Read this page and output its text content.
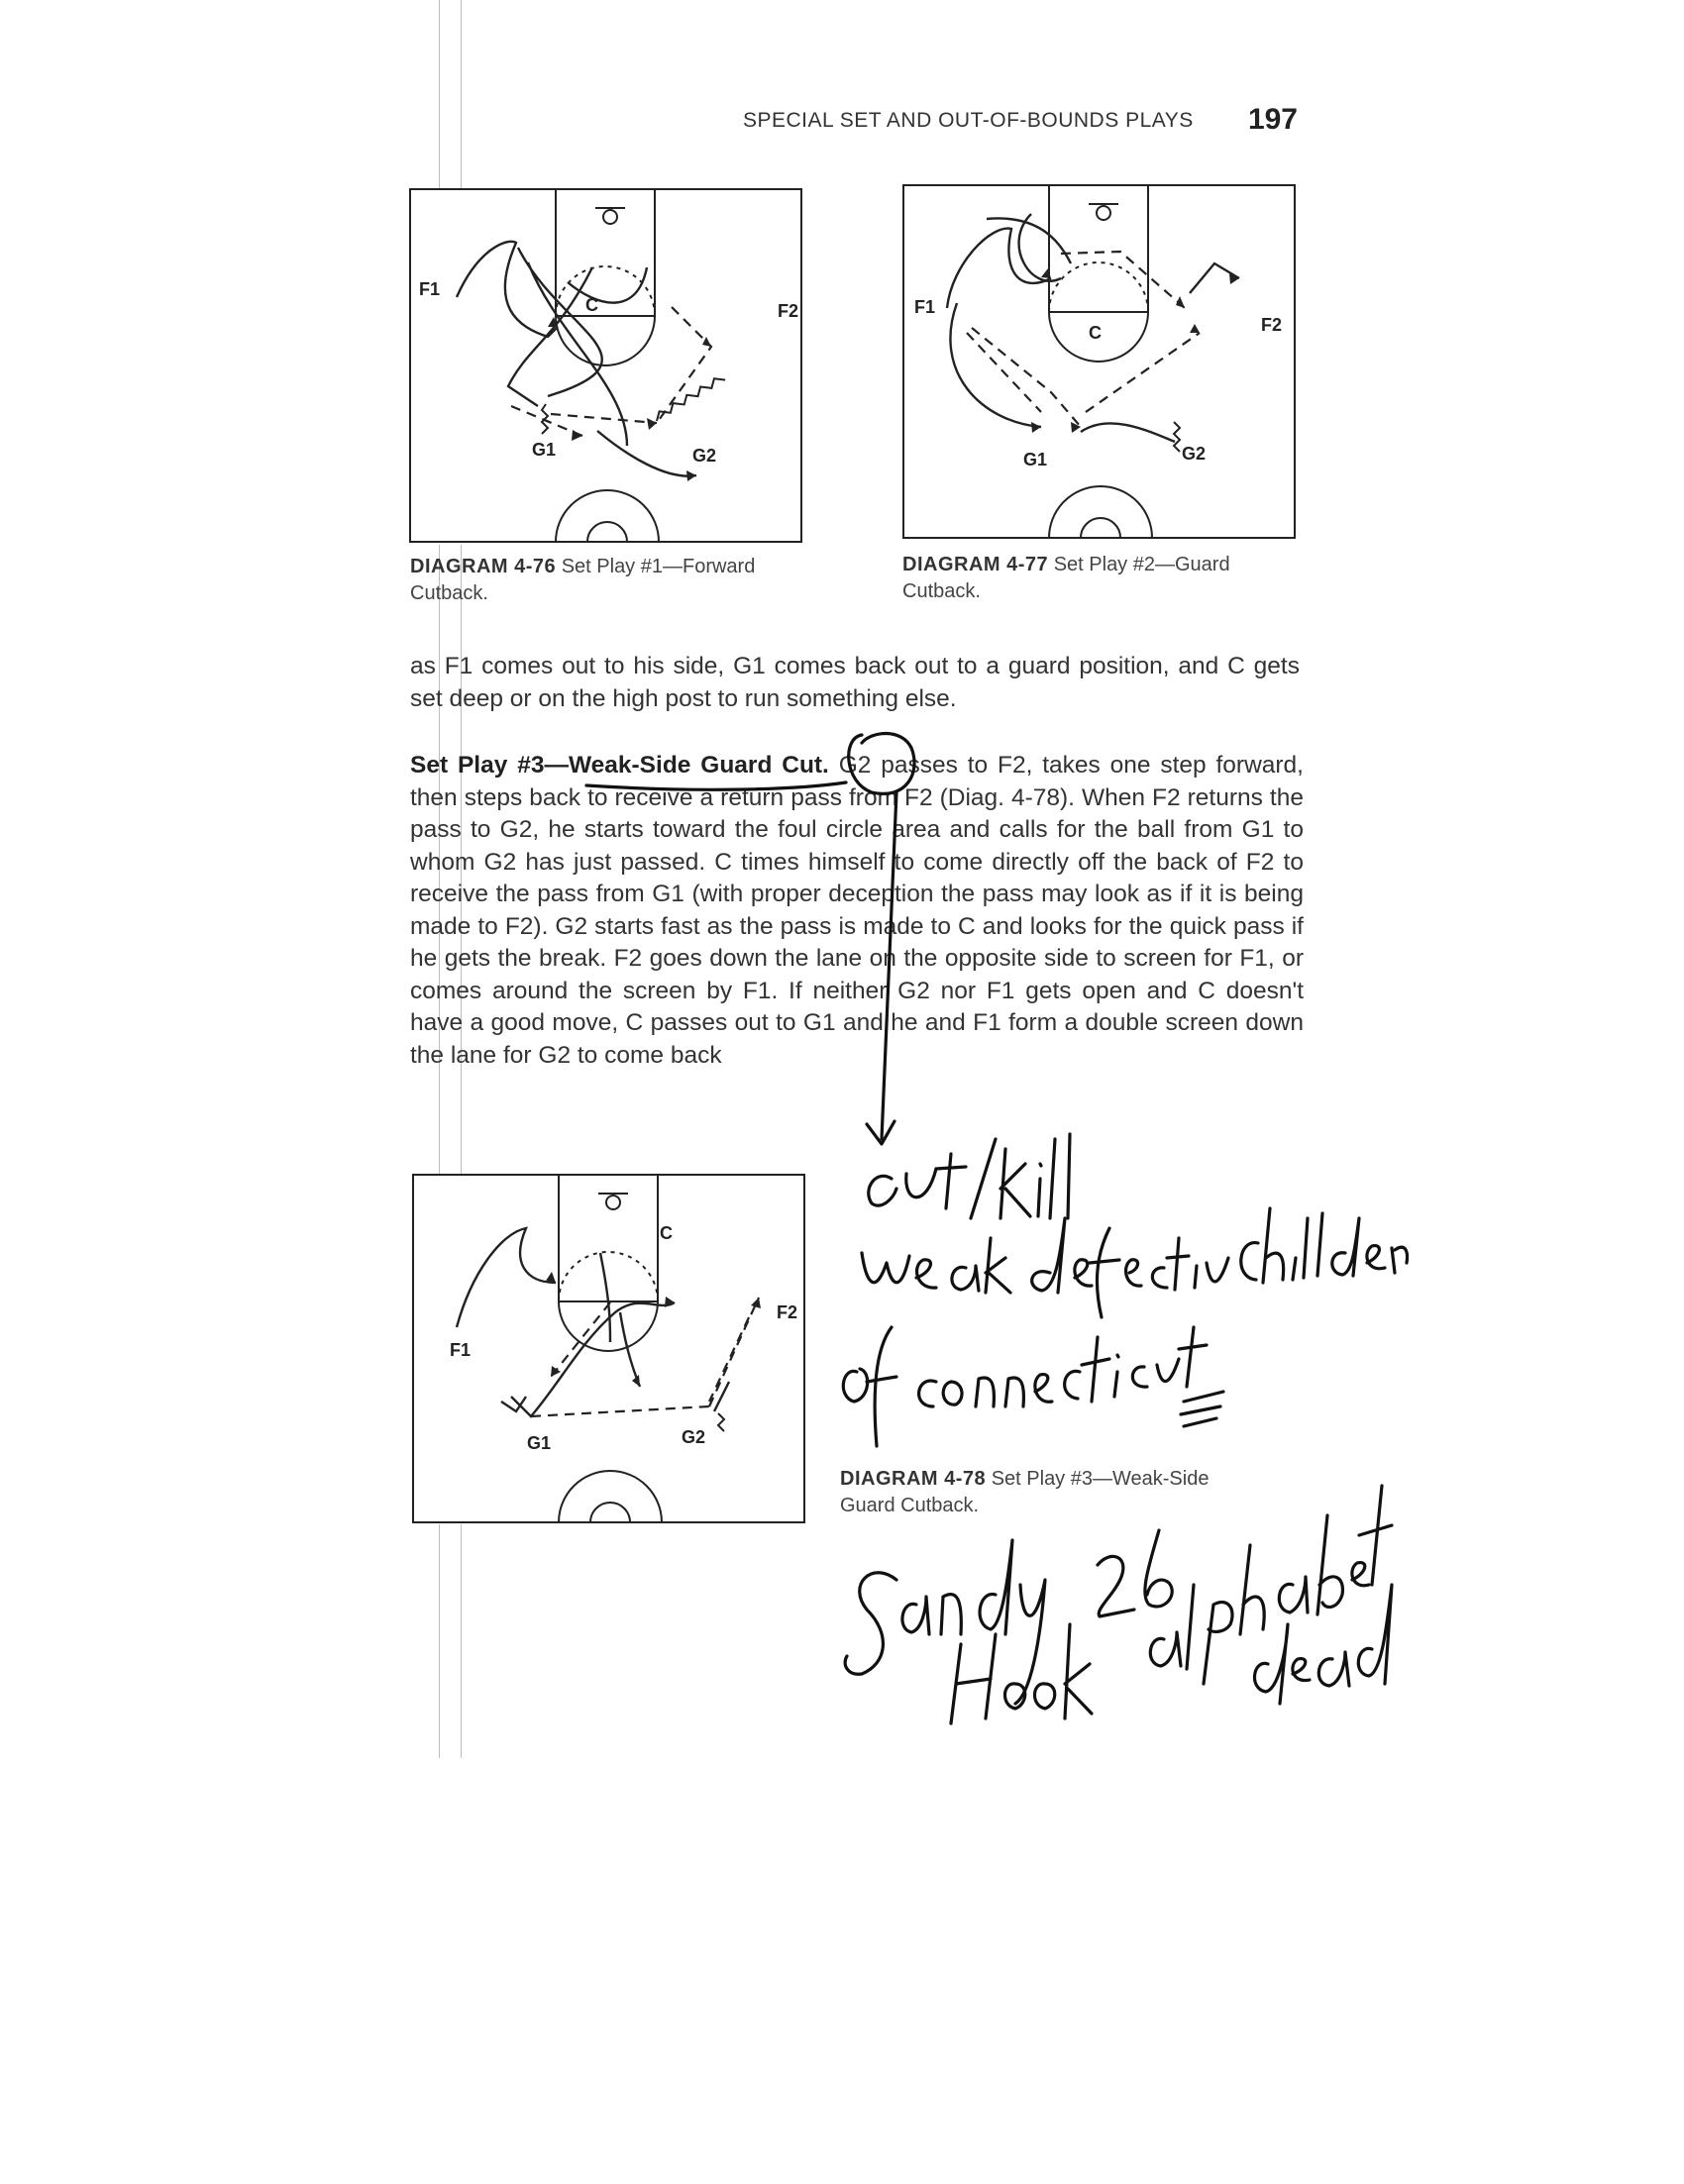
SPECIAL SET AND OUT-OF-BOUNDS PLAYS 197
F1
C	F2
G1	G2
DIAGRAM 4-76 Set Play #1—Forward Cutback.
F1
C	F2
G1	G2
DIAGRAM 4-77 Set Play #2—Guard Cutback.
as F1 comes out to his side, G1 comes back out to a guard position, and C gets set deep or on the high post to run something else.
Set Play #3—Weak-Side Guard Cut. G2 passes to F2, takes one step forward, then steps back to receive a return pass from F2 (Diag. 4-78). When F2 returns the pass to G2, he starts toward the foul circle area and calls for the ball from G1 to whom G2 has just passed. C times himself to come directly off the back of F2 to receive the pass from G1 (with proper deception the pass may look as if it is being made to F2). G2 starts fast as the pass is made to C and looks for the quick pass if he gets the break. F2 goes down the lane on the opposite side to screen for F1, or comes around the screen by F1. If neither G2 nor F1 gets open and C doesn't have a good move, C passes out to G1 and he and F1 form a double screen down the lane for G2 to come back
C
F2
F1
G1	G2
DIAGRAM 4-78 Set Play #3—Weak-Side Guard Cutback.
